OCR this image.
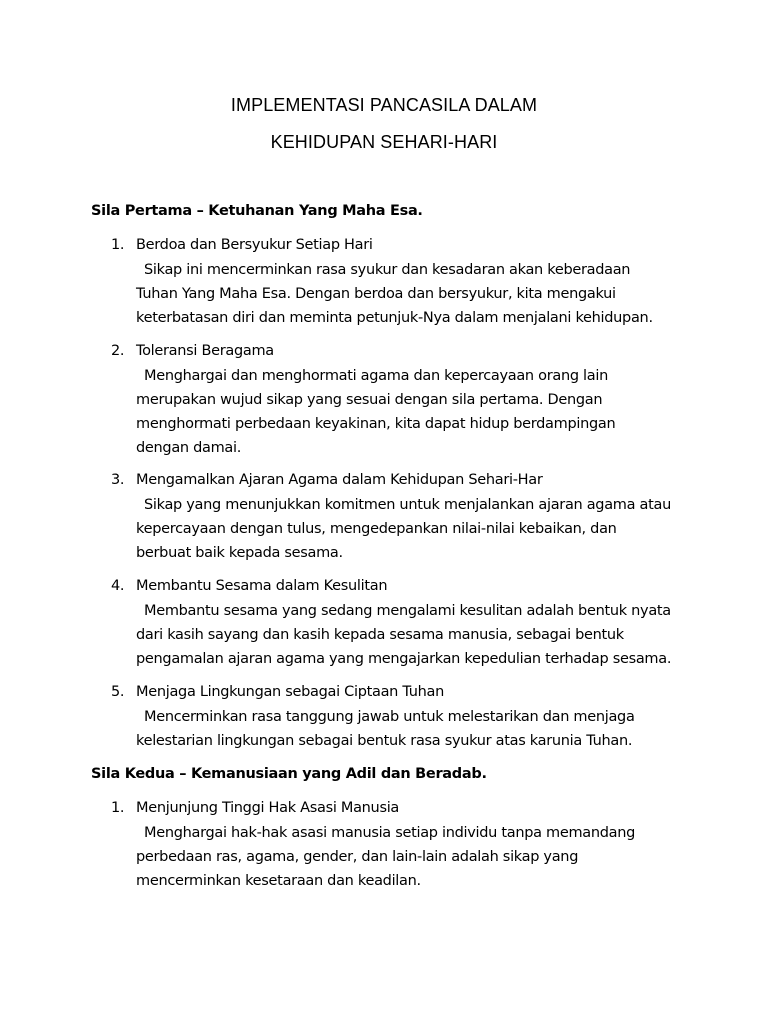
IMPLEMENTASI PANCASILA DALAM
KEHIDUPAN SEHARI-HARI
Sila Pertama – Ketuhanan Yang Maha Esa.
1. Berdoa dan Bersyukur Setiap Hari
Sikap ini mencerminkan rasa syukur dan kesadaran akan keberadaan
Tuhan Yang Maha Esa. Dengan berdoa dan bersyukur, kita mengakui
keterbatasan diri dan meminta petunjuk-Nya dalam menjalani kehidupan.
2. Toleransi Beragama
Menghargai dan menghormati agama dan kepercayaan orang lain
merupakan wujud sikap yang sesuai dengan sila pertama. Dengan
menghormati perbedaan keyakinan, kita dapat hidup berdampingan
dengan damai.
3. Mengamalkan Ajaran Agama dalam Kehidupan Sehari-Har
Sikap yang menunjukkan komitmen untuk menjalankan ajaran agama atau
kepercayaan dengan tulus, mengedepankan nilai-nilai kebaikan, dan
berbuat baik kepada sesama.
4. Membantu Sesama dalam Kesulitan
Membantu sesama yang sedang mengalami kesulitan adalah bentuk nyata
dari kasih sayang dan kasih kepada sesama manusia, sebagai bentuk
pengamalan ajaran agama yang mengajarkan kepedulian terhadap sesama.
5. Menjaga Lingkungan sebagai Ciptaan Tuhan
Mencerminkan rasa tanggung jawab untuk melestarikan dan menjaga
kelestarian lingkungan sebagai bentuk rasa syukur atas karunia Tuhan.
Sila Kedua – Kemanusiaan yang Adil dan Beradab.
1. Menjunjung Tinggi Hak Asasi Manusia
Menghargai hak-hak asasi manusia setiap individu tanpa memandang
perbedaan ras, agama, gender, dan lain-lain adalah sikap yang
mencerminkan kesetaraan dan keadilan.
